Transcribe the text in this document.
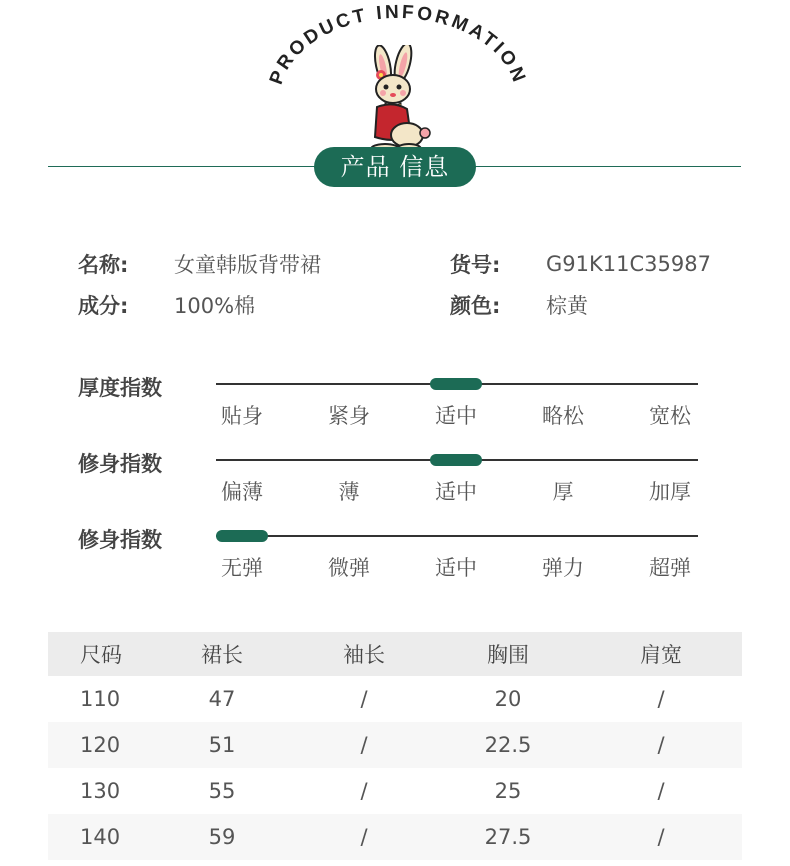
PRODUCT INFORMATION
产品 信息
名称:	女童韩版背带裙	货号:	G91K11C35987
成分:	100%棉	颜色:	棕黄
厚度指数
贴身	紧身	适中	略松	宽松
修身指数
偏薄	薄	适中	厚	加厚
修身指数
无弹	微弹	适中	弹力	超弹
尺码	裙长	袖长	胸围	肩宽
110	47	/	20	/
120	51	/	22.5	/
130	55	/	25	/
140	59	/	27.5	/
